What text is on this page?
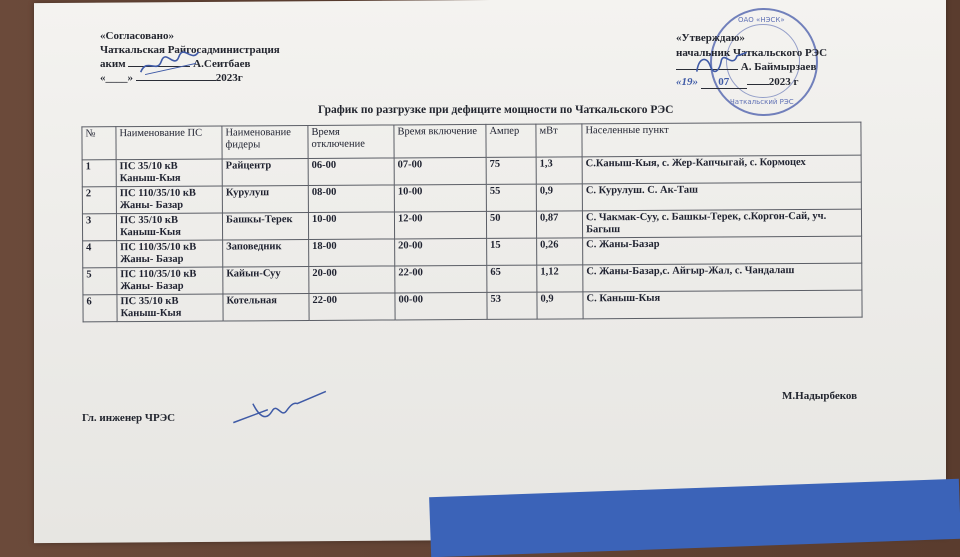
«Согласовано»
Чаткальская Райгосадминистрация
аким	А.Сеитбаев
«____»	2023г
ОАО «НЭСК»
Чаткальский РЭС
«Утверждаю»
начальник Чаткальского РЭС
А. Баймырзаев
«19» 07	2023 г
График по разгрузке при дефиците мощности по Чаткальского РЭС
№	Наименование ПС	Наименование фидеры	Время отключение	Время включение	Ампер	мВт	Населенные пункт
1	ПС 35/10 кВ Каныш-Кыя	Райцентр	06-00	07-00	75	1,3	С.Каныш-Кыя, с. Жер-Капчыгай, с. Кормоцех
2	ПС 110/35/10 кВ Жаны- Базар	Курулуш	08-00	10-00	55	0,9	С. Курулуш. С. Ак-Таш
3	ПС 35/10 кВ Каныш-Кыя	Башкы-Терек	10-00	12-00	50	0,87	С. Чакмак-Суу, с. Башкы-Терек, с.Коргон-Сай, уч. Багыш
4	ПС 110/35/10 кВ Жаны- Базар	Заповедник	18-00	20-00	15	0,26	С. Жаны-Базар
5	ПС 110/35/10 кВ Жаны- Базар	Кайын-Суу	20-00	22-00	65	1,12	С. Жаны-Базар,с. Айгыр-Жал, с. Чандалаш
6	ПС 35/10 кВ Каныш-Кыя	Котельная	22-00	00-00	53	0,9	С. Каныш-Кыя
Гл. инженер ЧРЭС
М.Надырбеков
